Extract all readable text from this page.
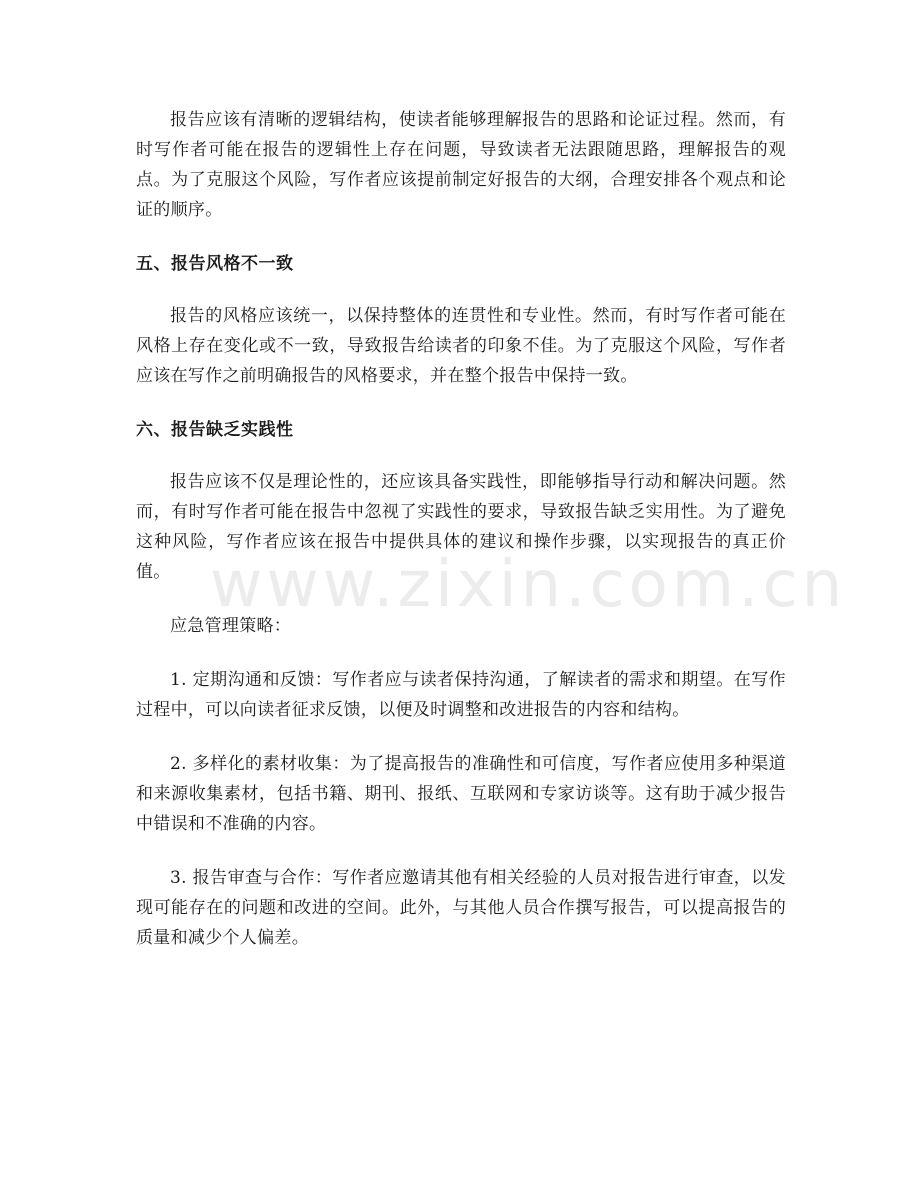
www.zixin.com.cn

报告应该有清晰的逻辑结构，使读者能够理解报告的思路和论证过程。然而，有时写作者可能在报告的逻辑性上存在问题，导致读者无法跟随思路，理解报告的观点。为了克服这个风险，写作者应该提前制定好报告的大纲，合理安排各个观点和论证的顺序。

五、报告风格不一致

报告的风格应该统一，以保持整体的连贯性和专业性。然而，有时写作者可能在风格上存在变化或不一致，导致报告给读者的印象不佳。为了克服这个风险，写作者应该在写作之前明确报告的风格要求，并在整个报告中保持一致。

六、报告缺乏实践性

报告应该不仅是理论性的，还应该具备实践性，即能够指导行动和解决问题。然而，有时写作者可能在报告中忽视了实践性的要求，导致报告缺乏实用性。为了避免这种风险，写作者应该在报告中提供具体的建议和操作步骤，以实现报告的真正价值。

应急管理策略：

1. 定期沟通和反馈：写作者应与读者保持沟通，了解读者的需求和期望。在写作过程中，可以向读者征求反馈，以便及时调整和改进报告的内容和结构。

2. 多样化的素材收集：为了提高报告的准确性和可信度，写作者应使用多种渠道和来源收集素材，包括书籍、期刊、报纸、互联网和专家访谈等。这有助于减少报告中错误和不准确的内容。

3. 报告审查与合作：写作者应邀请其他有相关经验的人员对报告进行审查，以发现可能存在的问题和改进的空间。此外，与其他人员合作撰写报告，可以提高报告的质量和减少个人偏差。
